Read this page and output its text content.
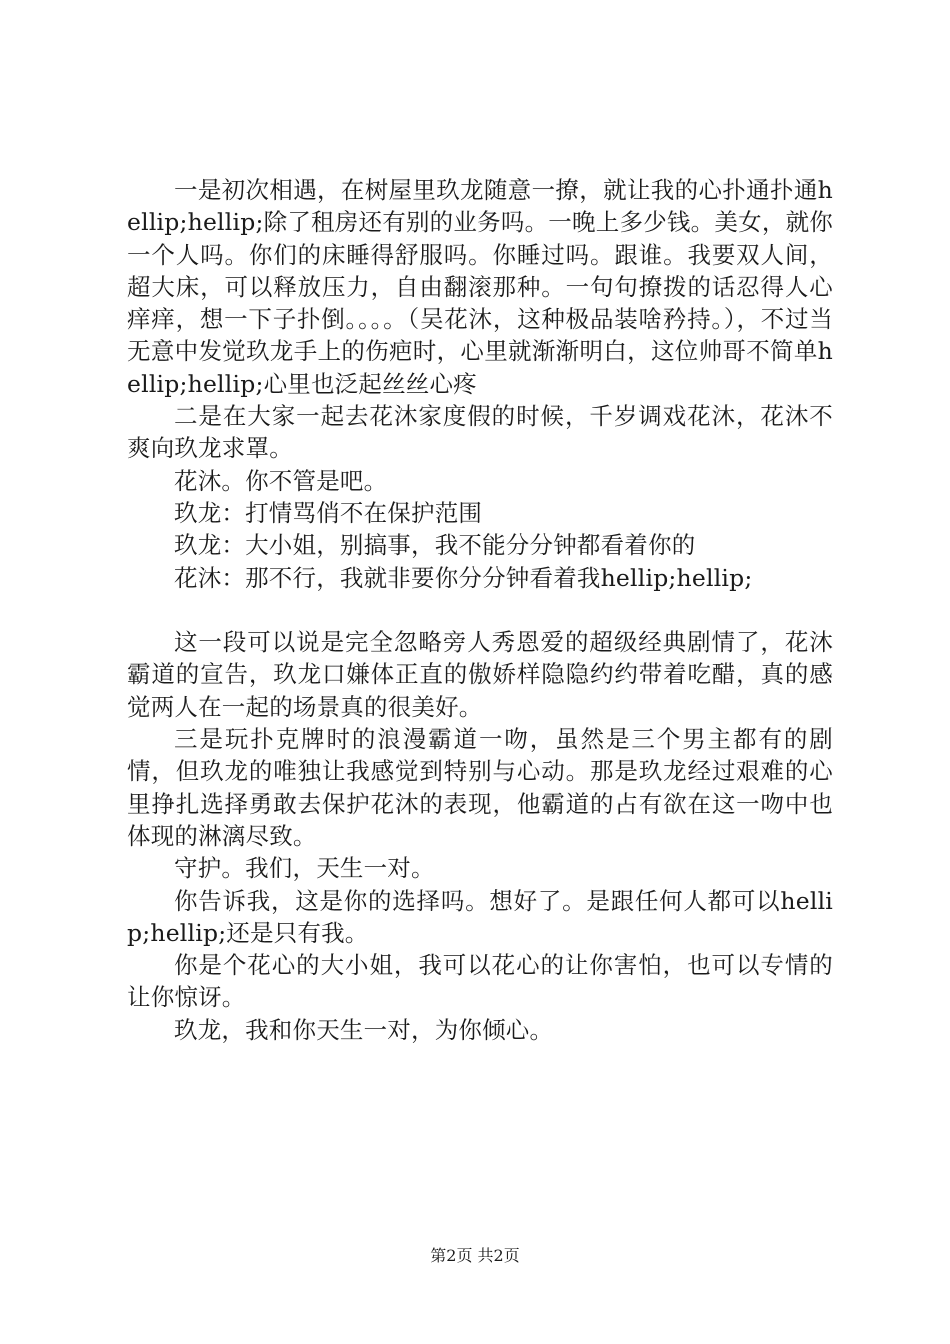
一是初次相遇，在树屋里玖龙随意一撩，就让我的心扑通扑通hellip;hellip;除了租房还有别的业务吗。一晚上多少钱。美女，就你一个人吗。你们的床睡得舒服吗。你睡过吗。跟谁。我要双人间，超大床，可以释放压力，自由翻滚那种。一句句撩拨的话忍得人心痒痒，想一下子扑倒。。。。（吴花沐，这种极品装啥矜持。），不过当无意中发觉玖龙手上的伤疤时，心里就渐渐明白，这位帅哥不简单hellip;hellip;心里也泛起丝丝心疼

二是在大家一起去花沐家度假的时候，千岁调戏花沐，花沐不爽向玖龙求罩。

花沐。你不管是吧。

玖龙：打情骂俏不在保护范围

玖龙：大小姐，别搞事，我不能分分钟都看着你的

花沐：那不行，我就非要你分分钟看着我hellip;hellip;

这一段可以说是完全忽略旁人秀恩爱的超级经典剧情了，花沐霸道的宣告，玖龙口嫌体正直的傲娇样隐隐约约带着吃醋，真的感觉两人在一起的场景真的很美好。

三是玩扑克牌时的浪漫霸道一吻，虽然是三个男主都有的剧情，但玖龙的唯独让我感觉到特别与心动。那是玖龙经过艰难的心里挣扎选择勇敢去保护花沐的表现，他霸道的占有欲在这一吻中也体现的淋漓尽致。

守护。我们，天生一对。

你告诉我，这是你的选择吗。想好了。是跟任何人都可以hellip;hellip;还是只有我。

你是个花心的大小姐，我可以花心的让你害怕，也可以专情的让你惊讶。

玖龙，我和你天生一对，为你倾心。

第2页 共2页
